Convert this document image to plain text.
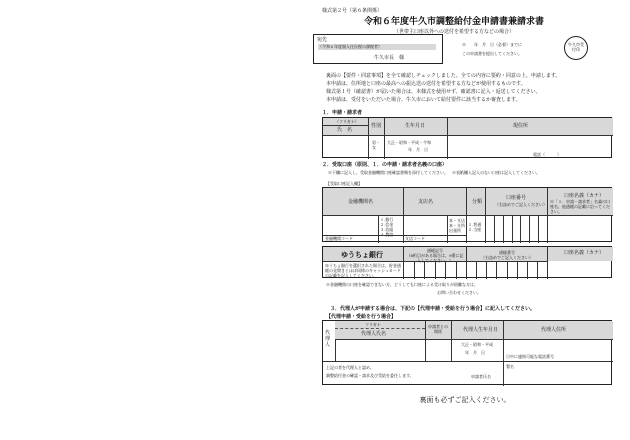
様式第２号（第６条関係）
令和６年度牛久市調整給付金申請書兼請求書
（世帯主口座以外への送付を希望する方などの場合）
宛先
（令和６年度個人住民税の課税者）
牛久市長　様
※　　年　月　日（必着）までに
この申請書を提出してください。
牛久市受付印
裏面の【要件・同意事項】を全て確認しチェックしました。全ての内容に要約・同意の上、申請します。
本申請は、住所地と口座の最高への振込送の送付を希望する方などが使用するものです。
様式第１号（確認書）が届いた場合は、本様式を使用せず、確認書に記入・返送してください。
本申請は、受付をいただいた場合、牛久市において給付要件に該当するか審査します。
１．申請・請求者
（フリガナ）
氏　名
性別	生年月日	現住所
男・女
大正・昭和・平成・令和
年　月　日
電話（　　　）
２．受取口座（原則、１．の申請・請求者名義の口座）
※下欄に記入し、受取金融機関口座確認書類を添付してください。　※表紙欄入記入のない口座は記入してください。
【受取口座記入欄】
金融機関名	支店名	分類
口座番号
（右詰めでご記入ください）
口座名義（カナ）
※「１．申請・請求者」名義の口座名、他通帳の記載に沿ってください。
１.銀行
２.信金
３.信組
４.農協
本・支店
本・支所
出張所
１.普通
２.当座
金融機関コード	支店コード
ゆうちょ銀行	通帳記号
（6桁目がある場合は、9番に記入してください。）
通帳番号
（右詰めでご記入ください）
口座名義（カナ）
ゆうちょ銀行を選択された場合は、貯金通帳の見開きとほぼ同様のキャッシュカードの記載を記入してください。
※金融機関の口座を確認できない方、どうしても口座による受け取りが困難な方は、
お問い合わせください。
３．代理人が申請する場合は、下記の【代理申請・受給を行う場合】に記入してください。
【代理申請・受給を行う場合】
代理人
フリガナ
代理人氏名
申請者との関係	代理人生年月日	代理人住所
大正・昭和・平成
年　月　日
日中に連絡可能な電話番号
上記の者を代理人と認め、
調整給付金の確認・請求及び受給を委任します。	申請者氏名
署名
裏面も必ずご記入ください。
